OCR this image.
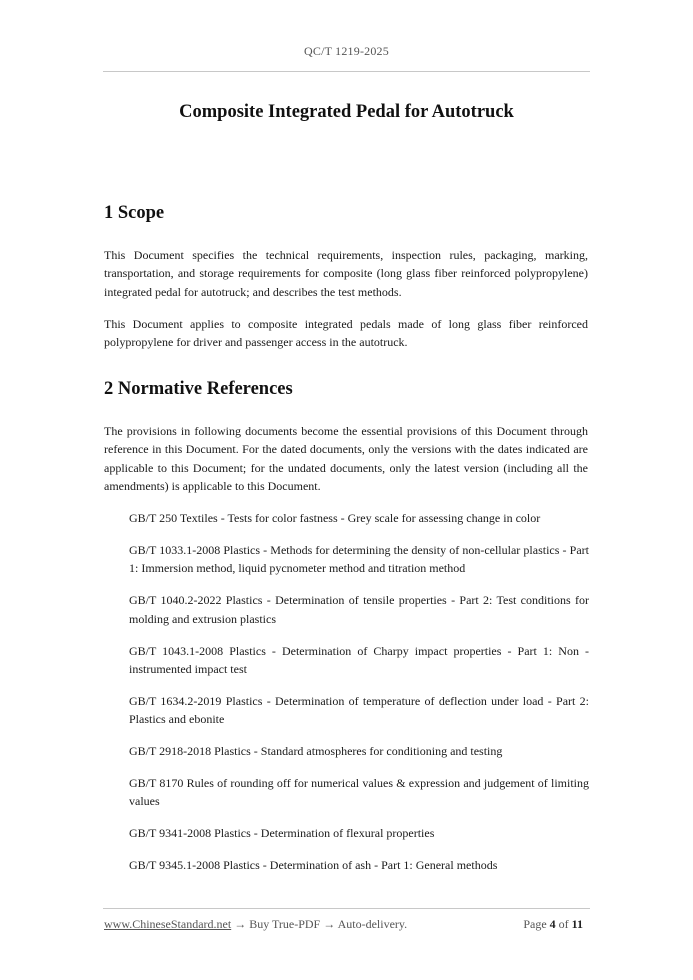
QC/T 1219-2025
Composite Integrated Pedal for Autotruck
1 Scope

This Document specifies the technical requirements, inspection rules, packaging, marking, transportation, and storage requirements for composite (long glass fiber reinforced polypropylene) integrated pedal for autotruck; and describes the test methods.

This Document applies to composite integrated pedals made of long glass fiber reinforced polypropylene for driver and passenger access in the autotruck.

2 Normative References

The provisions in following documents become the essential provisions of this Document through reference in this Document. For the dated documents, only the versions with the dates indicated are applicable to this Document; for the undated documents, only the latest version (including all the amendments) is applicable to this Document.

GB/T 250 Textiles - Tests for color fastness - Grey scale for assessing change in color
GB/T 1033.1-2008 Plastics - Methods for determining the density of non-cellular plastics - Part 1: Immersion method, liquid pycnometer method and titration method
GB/T 1040.2-2022 Plastics - Determination of tensile properties - Part 2: Test conditions for molding and extrusion plastics
GB/T 1043.1-2008 Plastics - Determination of Charpy impact properties - Part 1: Non - instrumented impact test
GB/T 1634.2-2019 Plastics - Determination of temperature of deflection under load - Part 2: Plastics and ebonite
GB/T 2918-2018 Plastics - Standard atmospheres for conditioning and testing
GB/T 8170 Rules of rounding off for numerical values & expression and judgement of limiting values
GB/T 9341-2008 Plastics - Determination of flexural properties
GB/T 9345.1-2008 Plastics - Determination of ash - Part 1: General methods
www.ChineseStandard.net → Buy True-PDF → Auto-delivery.	Page 4 of 11
